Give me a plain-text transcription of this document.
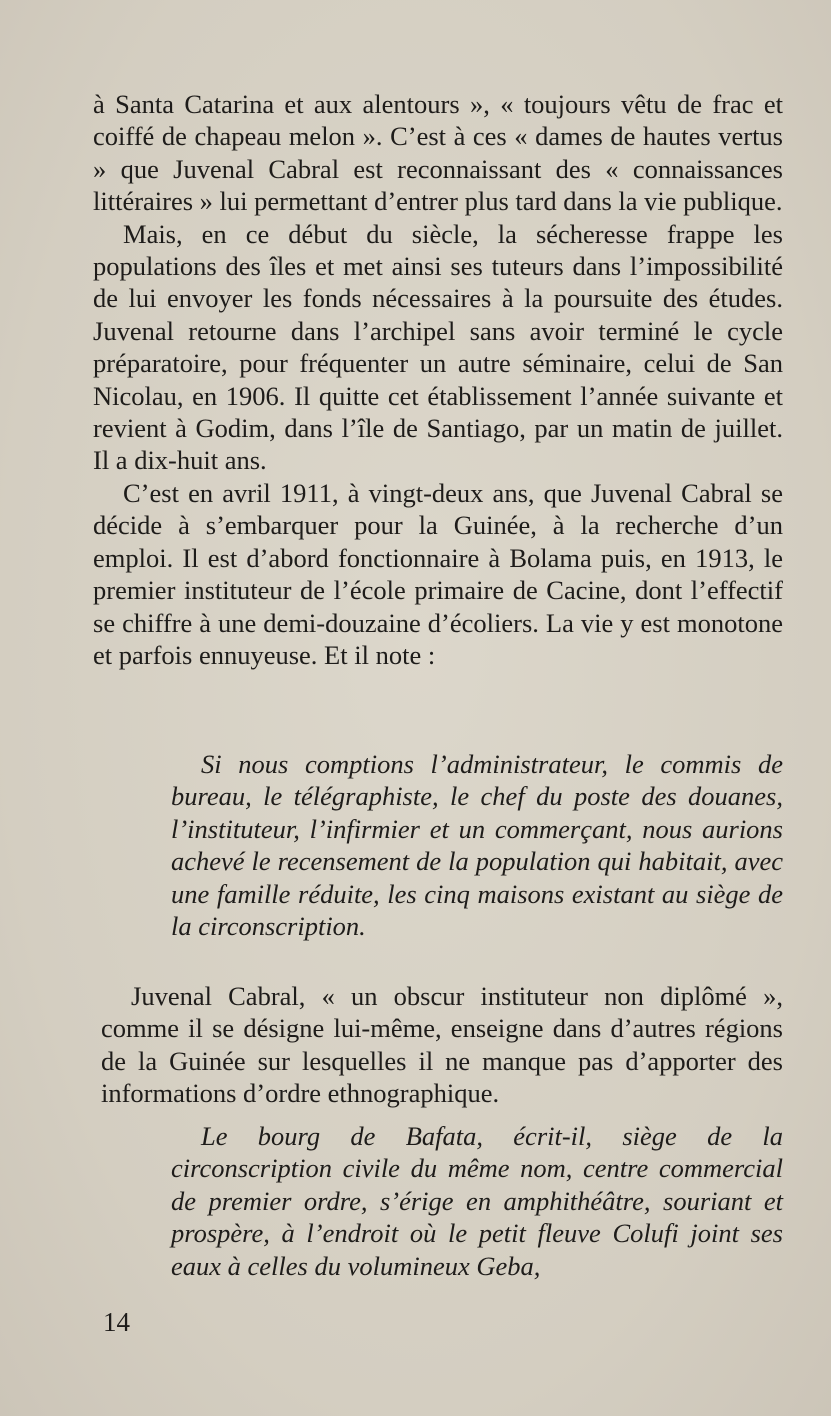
à Santa Catarina et aux alentours », « toujours vêtu de frac et coiffé de chapeau melon ». C’est à ces « dames de hautes vertus » que Juvenal Cabral est reconnaissant des « connaissances littéraires » lui permettant d’entrer plus tard dans la vie publique.

Mais, en ce début du siècle, la sécheresse frappe les populations des îles et met ainsi ses tuteurs dans l’impossibilité de lui envoyer les fonds nécessaires à la poursuite des études. Juvenal retourne dans l’archipel sans avoir terminé le cycle préparatoire, pour fréquenter un autre séminaire, celui de San Nicolau, en 1906. Il quitte cet établissement l’année suivante et revient à Godim, dans l’île de Santiago, par un matin de juillet. Il a dix-huit ans.

C’est en avril 1911, à vingt-deux ans, que Juvenal Cabral se décide à s’embarquer pour la Guinée, à la recherche d’un emploi. Il est d’abord fonctionnaire à Bolama puis, en 1913, le premier instituteur de l’école primaire de Cacine, dont l’effectif se chiffre à une demi-douzaine d’écoliers. La vie y est monotone et parfois ennuyeuse. Et il note :

Si nous comptions l’administrateur, le commis de bureau, le télégraphiste, le chef du poste des douanes, l’instituteur, l’infirmier et un commerçant, nous aurions achevé le recensement de la population qui habitait, avec une famille réduite, les cinq maisons existant au siège de la circonscription.

Juvenal Cabral, « un obscur instituteur non diplômé », comme il se désigne lui-même, enseigne dans d’autres régions de la Guinée sur lesquelles il ne manque pas d’apporter des informations d’ordre ethnographique.

Le bourg de Bafata, écrit-il, siège de la circonscription civile du même nom, centre commercial de premier ordre, s’érige en amphithéâtre, souriant et prospère, à l’endroit où le petit fleuve Colufi joint ses eaux à celles du volumineux Geba,

14
